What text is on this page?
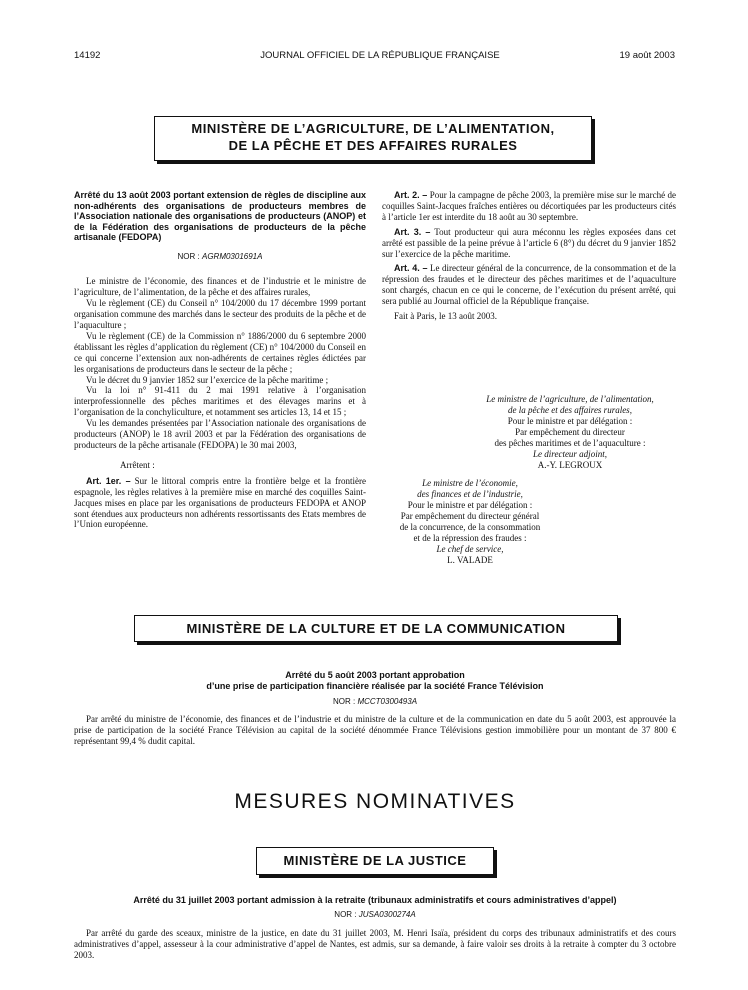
14192	JOURNAL OFFICIEL DE LA RÉPUBLIQUE FRANÇAISE	19 août 2003
MINISTÈRE DE L’AGRICULTURE, DE L’ALIMENTATION,
DE LA PÊCHE ET DES AFFAIRES RURALES
Arrêté du 13 août 2003 portant extension de règles de discipline aux non-adhérents des organisations de producteurs membres de l’Association nationale des organisations de producteurs (ANOP) et de la Fédération des organisations de producteurs de la pêche artisanale (FEDOPA)
NOR : AGRM0301691A

Le ministre de l’économie, des finances et de l’industrie et le ministre de l’agriculture, de l’alimentation, de la pêche et des affaires rurales,

Vu le règlement (CE) du Conseil n° 104/2000 du 17 décembre 1999 portant organisation commune des marchés dans le secteur des produits de la pêche et de l’aquaculture ;

Vu le règlement (CE) de la Commission n° 1886/2000 du 6 septembre 2000 établissant les règles d’application du règlement (CE) n° 104/2000 du Conseil en ce qui concerne l’extension aux non-adhérents de certaines règles édictées par les organisations de producteurs dans le secteur de la pêche ;

Vu le décret du 9 janvier 1852 sur l’exercice de la pêche maritime ;

Vu la loi n° 91-411 du 2 mai 1991 relative à l’organisation interprofessionnelle des pêches maritimes et des élevages marins et à l’organisation de la conchyliculture, et notamment ses articles 13, 14 et 15 ;

Vu les demandes présentées par l’Association nationale des organisations de producteurs (ANOP) le 18 avril 2003 et par la Fédération des organisations de producteurs de la pêche artisanale (FEDOPA) le 30 mai 2003,

Arrêtent :

Art. 1er. – Sur le littoral compris entre la frontière belge et la frontière espagnole, les règles relatives à la première mise en marché des coquilles Saint-Jacques mises en place par les organisations de producteurs FEDOPA et ANOP sont étendues aux producteurs non adhérents ressortissants des Etats membres de l’Union européenne.

Art. 2. – Pour la campagne de pêche 2003, la première mise sur le marché de coquilles Saint-Jacques fraîches entières ou décortiquées par les producteurs cités à l’article 1er est interdite du 18 août au 30 septembre.

Art. 3. – Tout producteur qui aura méconnu les règles exposées dans cet arrêté est passible de la peine prévue à l’article 6 (8°) du décret du 9 janvier 1852 sur l’exercice de la pêche maritime.

Art. 4. – Le directeur général de la concurrence, de la consommation et de la répression des fraudes et le directeur des pêches maritimes et de l’aquaculture sont chargés, chacun en ce qui le concerne, de l’exécution du présent arrêté, qui sera publié au Journal officiel de la République française.

Fait à Paris, le 13 août 2003.

Le ministre de l’agriculture, de l’alimentation,
de la pêche et des affaires rurales,
Pour le ministre et par délégation :
Par empêchement du directeur
des pêches maritimes et de l’aquaculture :
Le directeur adjoint,
A.-Y. LEGROUX
Le ministre de l’économie,
des finances et de l’industrie,
Pour le ministre et par délégation :
Par empêchement du directeur général
de la concurrence, de la consommation
et de la répression des fraudes :
Le chef de service,
L. VALADE
MINISTÈRE DE LA CULTURE ET DE LA COMMUNICATION
Arrêté du 5 août 2003 portant approbation
d’une prise de participation financière réalisée par la société France Télévision
NOR : MCCT0300493A

Par arrêté du ministre de l’économie, des finances et de l’industrie et du ministre de la culture et de la communication en date du 5 août 2003, est approuvée la prise de participation de la société France Télévision au capital de la société dénommée France Télévisions gestion immobilière pour un montant de 37 800 € représentant 99,4 % dudit capital.

MESURES NOMINATIVES
MINISTÈRE DE LA JUSTICE
Arrêté du 31 juillet 2003 portant admission à la retraite (tribunaux administratifs et cours administratives d’appel)
NOR : JUSA0300274A

Par arrêté du garde des sceaux, ministre de la justice, en date du 31 juillet 2003, M. Henri Isaïa, président du corps des tribunaux administratifs et des cours administratives d’appel, assesseur à la cour administrative d’appel de Nantes, est admis, sur sa demande, à faire valoir ses droits à la retraite à compter du 3 octobre 2003.
